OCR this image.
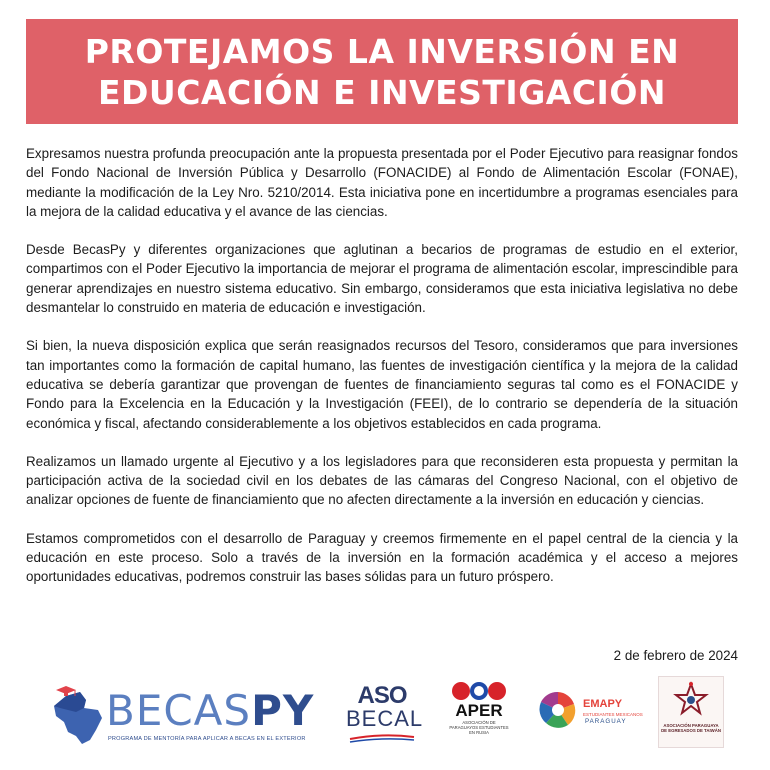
PROTEJAMOS LA INVERSIÓN EN
EDUCACIÓN E INVESTIGACIÓN

Expresamos nuestra profunda preocupación ante la propuesta presentada por el Poder Ejecutivo para reasignar fondos del Fondo Nacional de Inversión Pública y Desarrollo (FONACIDE) al Fondo de Alimentación Escolar (FONAE), mediante la modificación de la Ley Nro. 5210/2014. Esta iniciativa pone en incertidumbre a programas esenciales para la mejora de la calidad educativa y el avance de las ciencias.

Desde BecasPy y diferentes organizaciones que aglutinan a becarios de programas de estudio en el exterior, compartimos con el Poder Ejecutivo la importancia de mejorar el programa de alimentación escolar, imprescindible para generar aprendizajes en nuestro sistema educativo. Sin embargo, consideramos que esta iniciativa legislativa no debe desmantelar lo construido en materia de educación e investigación.

Si bien, la nueva disposición explica que serán reasignados recursos del Tesoro, consideramos que para inversiones tan importantes como la formación de capital humano, las fuentes de investigación científica y la mejora de la calidad educativa se debería garantizar que provengan de fuentes de financiamiento seguras tal como es el FONACIDE y Fondo para la Excelencia en la Educación y la Investigación (FEEI), de lo contrario se dependería de la situación económica y fiscal, afectando considerablemente a los objetivos establecidos en cada programa.

Realizamos un llamado urgente al Ejecutivo y a los legisladores para que reconsideren esta propuesta y permitan la participación activa de la sociedad civil en los debates de las cámaras del Congreso Nacional, con el objetivo de analizar opciones de fuente de financiamiento que no afecten directamente a la inversión en educación y ciencias.

Estamos comprometidos con el desarrollo de Paraguay y creemos firmemente en el papel central de la ciencia y la educación en este proceso. Solo a través de la inversión en la formación académica y el acceso a mejores oportunidades educativas, podremos construir las bases sólidas para un futuro próspero.

2 de febrero de 2024
BECASPY
PROGRAMA DE MENTORÍA PARA APLICAR A BECAS EN EL EXTERIOR
ASO
BECAL	APER
ASOCIACIÓN DE PARAGUAYOS ESTUDIANTES EN RUSIA
EMAPY
ESTUDIANTES MEXICANOS
PARAGUAY
ASOCIACIÓN PARAGUAYA DE EGRESADOS DE TAIWÁN
